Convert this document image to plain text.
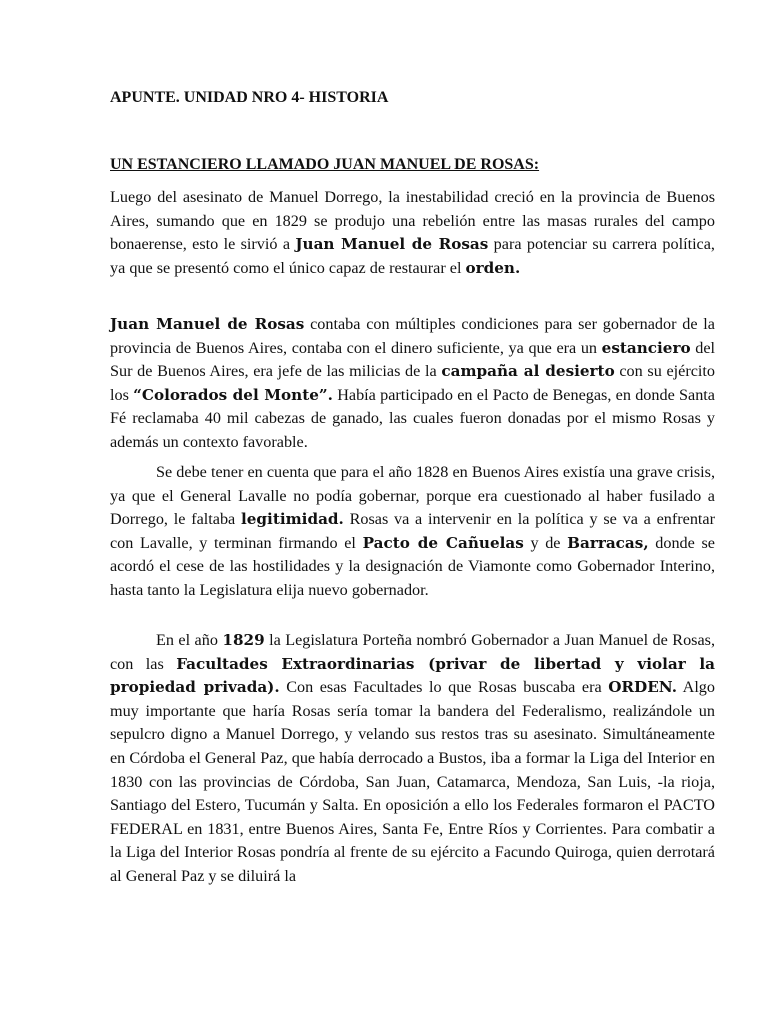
APUNTE. UNIDAD NRO 4- HISTORIA
UN ESTANCIERO LLAMADO JUAN MANUEL DE ROSAS:

Luego del asesinato de Manuel Dorrego, la inestabilidad creció en la provincia de Buenos Aires, sumando que en 1829 se produjo una rebelión entre las masas rurales del campo bonaerense, esto le sirvió a Juan Manuel de Rosas para potenciar su carrera política, ya que se presentó como el único capaz de restaurar el orden.

Juan Manuel de Rosas contaba con múltiples condiciones para ser gobernador de la provincia de Buenos Aires, contaba con el dinero suficiente, ya que era un estanciero del Sur de Buenos Aires, era jefe de las milicias de la campaña al desierto con su ejército los “Colorados del Monte”. Había participado en el Pacto de Benegas, en donde Santa Fé reclamaba 40 mil cabezas de ganado, las cuales fueron donadas por el mismo Rosas y además un contexto favorable.

Se debe tener en cuenta que para el año 1828 en Buenos Aires existía una grave crisis, ya que el General Lavalle no podía gobernar, porque era cuestionado al haber fusilado a Dorrego, le faltaba legitimidad. Rosas va a intervenir en la política y se va a enfrentar con Lavalle, y terminan firmando el Pacto de Cañuelas y de Barracas, donde se acordó el cese de las hostilidades y la designación de Viamonte como Gobernador Interino, hasta tanto la Legislatura elija nuevo gobernador.

En el año 1829 la Legislatura Porteña nombró Gobernador a Juan Manuel de Rosas, con las Facultades Extraordinarias (privar de libertad y violar la propiedad privada). Con esas Facultades lo que Rosas buscaba era ORDEN. Algo muy importante que haría Rosas sería tomar la bandera del Federalismo, realizándole un sepulcro digno a Manuel Dorrego, y velando sus restos tras su asesinato. Simultáneamente en Córdoba el General Paz, que había derrocado a Bustos, iba a formar la Liga del Interior en 1830 con las provincias de Córdoba, San Juan, Catamarca, Mendoza, San Luis, -la rioja, Santiago del Estero, Tucumán y Salta. En oposición a ello los Federales formaron el PACTO FEDERAL en 1831, entre Buenos Aires, Santa Fe, Entre Ríos y Corrientes. Para combatir a la Liga del Interior Rosas pondría al frente de su ejército a Facundo Quiroga, quien derrotará al General Paz y se diluirá la
